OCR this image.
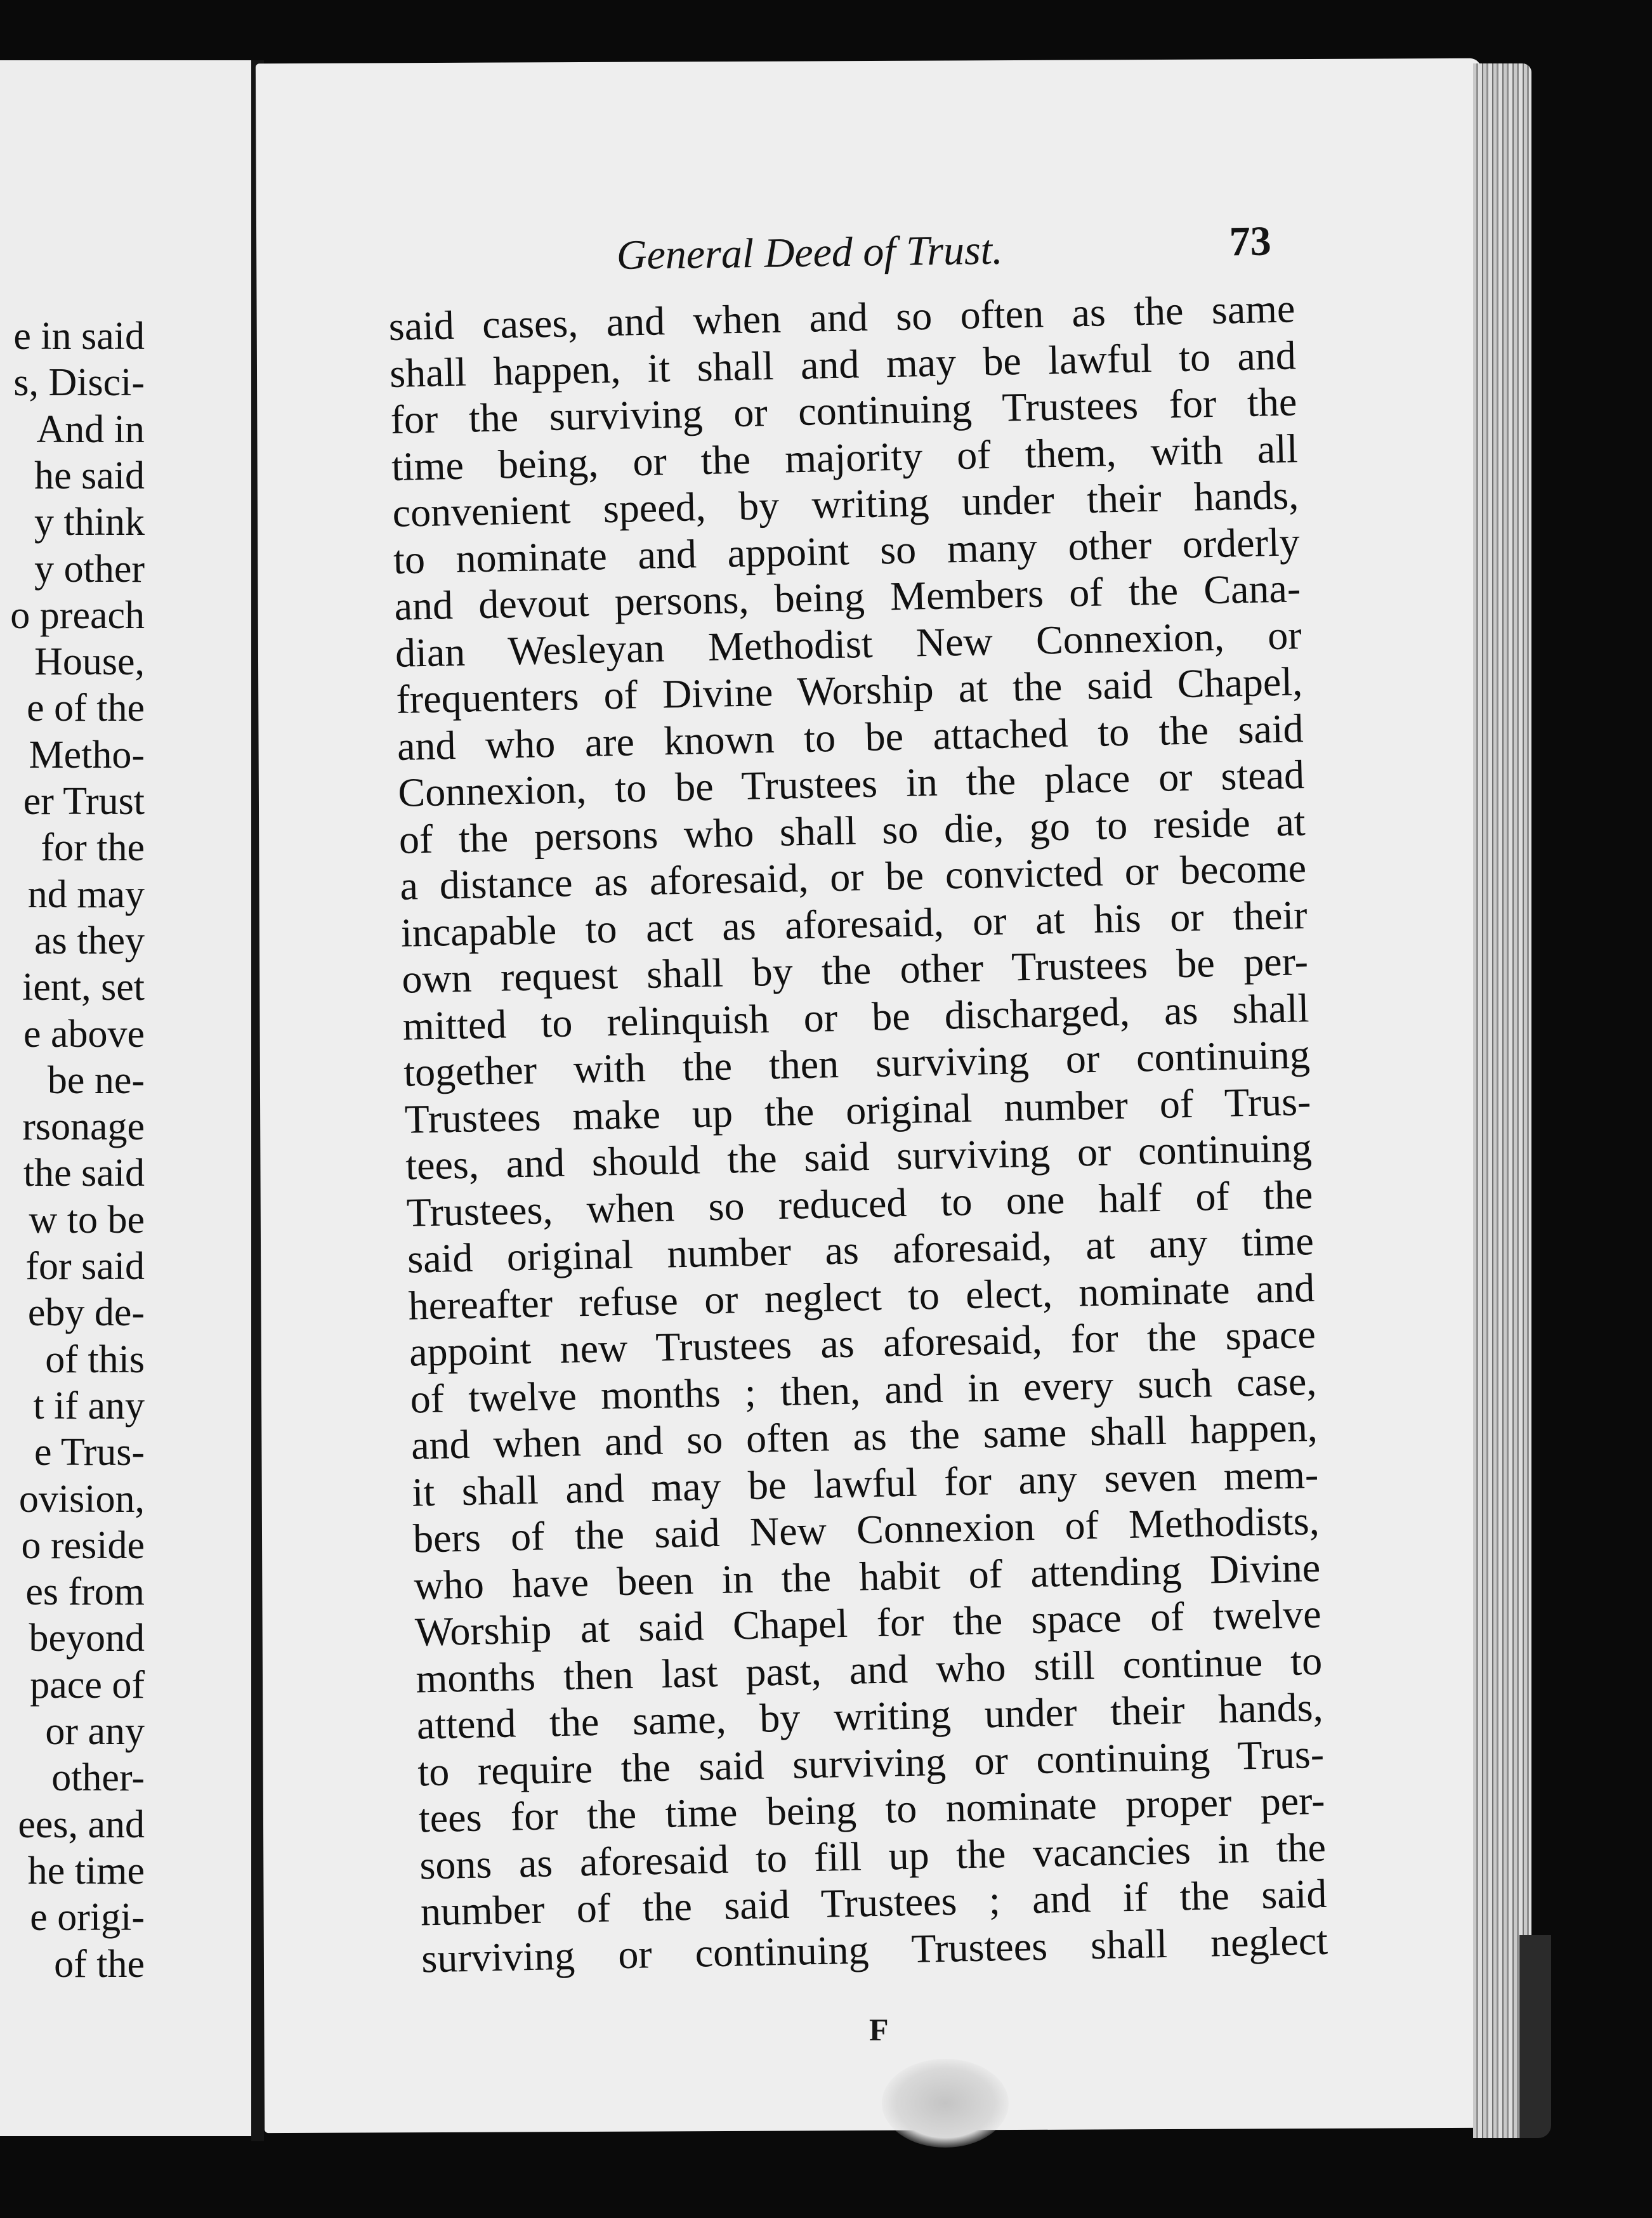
e in said
s, Disci-
And in
he said
y think
y other
o preach
House,
e of the
Metho-
er Trust
for the
nd may
as they
ient, set
e above
be ne-
rsonage
the said
w to be
for said
eby de-
of this
t if any
e Trus-
ovision,
o reside
es from
beyond
pace of
or any
other-
ees, and
he time
e origi-
of the
General Deed of Trust.	73
said cases, and when and so often as the same
shall happen, it shall and may be lawful to and
for the surviving or continuing Trustees for the
time being, or the majority of them, with all
convenient speed, by writing under their hands,
to nominate and appoint so many other orderly
and devout persons, being Members of the Cana-
dian Wesleyan Methodist New Connexion, or
frequenters of Divine Worship at the said Chapel,
and who are known to be attached to the said
Connexion, to be Trustees in the place or stead
of the persons who shall so die, go to reside at
a distance as aforesaid, or be convicted or become
incapable to act as aforesaid, or at his or their
own request shall by the other Trustees be per-
mitted to relinquish or be discharged, as shall
together with the then surviving or continuing
Trustees make up the original number of Trus-
tees, and should the said surviving or continuing
Trustees, when so reduced to one half of the
said original number as aforesaid, at any time
hereafter refuse or neglect to elect, nominate and
appoint new Trustees as aforesaid, for the space
of twelve months ; then, and in every such case,
and when and so often as the same shall happen,
it shall and may be lawful for any seven mem-
bers of the said New Connexion of Methodists,
who have been in the habit of attending Divine
Worship at said Chapel for the space of twelve
months then last past, and who still continue to
attend the same, by writing under their hands,
to require the said surviving or continuing Trus-
tees for the time being to nominate proper per-
sons as aforesaid to fill up the vacancies in the
number of the said Trustees ; and if the said
surviving or continuing Trustees shall neglect
F
